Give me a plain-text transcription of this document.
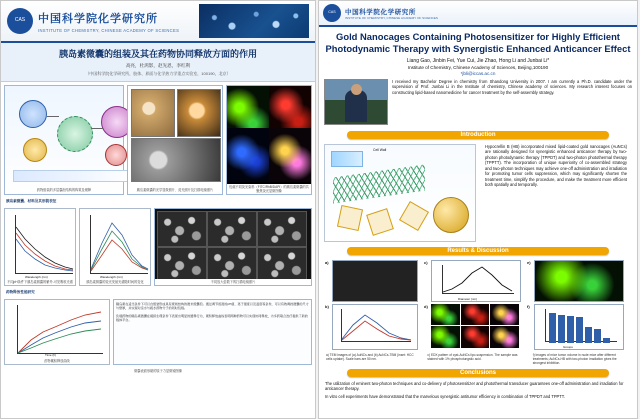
CAS	中国科学院化学研究所
INSTITUTE OF CHEMISTRY, CHINESE ACADEMY OF SCIENCES
胰岛素微囊的组装及其在药物协同释放方面的作用
高亮，杜鸿影，赵先恩，李红利
（中国科学院化学研究所，胶体、界面与化学热力学重点实验室，100190，北京）
药物组装的多层囊泡结构的构筑及缓释	胰岛素微囊的光学显微照片、荧光照片及扫描电镜照片
包载不同荧光染料（FITC/RhB/DAPI）的胰岛素微囊的共聚焦荧光显微图像
胰岛素微囊、材料及其形貌表征
Wavelength (nm)
不同pH条件下胰岛素微囊的紫外-可见吸收光谱
Wavelength (nm)
胰岛素微囊的荧光发射光谱随时间的变化	不同放大倍数下的扫描电镜照片
药物释放性能研究
Time (h)
药物累积释放曲线
胰岛素在适当条件下可以自组装形成具有规则结构的微米级囊泡。通过调节溶液的pH值、离子强度以及温度等条件，可以有效调控微囊的尺寸与壁厚，并实现对亲水与疏水药物分子的同时包载。
负载药物的胰岛素微囊在模拟生理条件下表现出明显的缓释行为，累积释放曲线表明两种药物可以实现协同释放，为多药联合治疗提供了新的载体平台。
微囊表面形貌的原子力显微镜图像
CAS	中国科学院化学研究所
INSTITUTE OF CHEMISTRY, CHINESE ACADEMY OF SCIENCES
Gold Nanocages Containing Photosensitizer for Highly Efficient Photodynamic Therapy with Synergistic Enhanced Anticancer Effect
Liang Gao, Jinbin Fei, Yue Cui, Jie Zhao, Hong Li and Junbai Li*
Institute of Chemistry, Chinese Academy of Sciences, Beijing,100190
*jbli@iccas.ac.cn
I received my Bachelor Degree in chemistry from Shandong University in 2007. I am currently a Ph.D. candidate under the supervision of Prof. Junbai Li in the Institute of chemistry, Chinese academy of sciences. My research interest focuses on constructing lipid-based nanomedicine for cancer treatment by the self-assembly strategy.
Introduction
Cell Wall
Hypocrellin B (HB) incorporated mixed lipid-coated gold nanocages (AuNCs) are rationally designed for synergistic enhanced anticancer therapy by two-photon photodynamic therapy (TPPDT) and two-photon photothermal therapy (TPPTT). The incorporation of unique superiority of co-assembled strategy and two-photon techniques may achieve one-off administration and irradiation for promoting tumor cells suppression, which may significantly shorten the treatment time, simplify the procedure, and make the treatment more efficient both spatially and temporally.
Results & Discussion
a)
b)
c)
Diameter (nm)
d)
e)
f)
Groups
a) TEM images of (a) AuNCs and (b) AuNCs-TBM (inset: HCC cells uptake). Scale bars are 50 nm.
c) EDX pattern of cyst-AuNCs lipo-suspension. The sample was stained with 1% phosphotungstic acid.
f) Images of mice tumor volume in nude mice after different treatments; AuNCs-HB with two-photon irradiation gives the strongest inhibition.
Conclusions
The utilization of eminent two-photon techniques and co-delivery of photosensitizer and photothermal transducer guarantees one-off administration and irradiation for anticancer therapy.
In vitro cell experiments have demonstrated that the marvelous synergistic antitumor efficiency in combination of TPPDT and TPPTT.
